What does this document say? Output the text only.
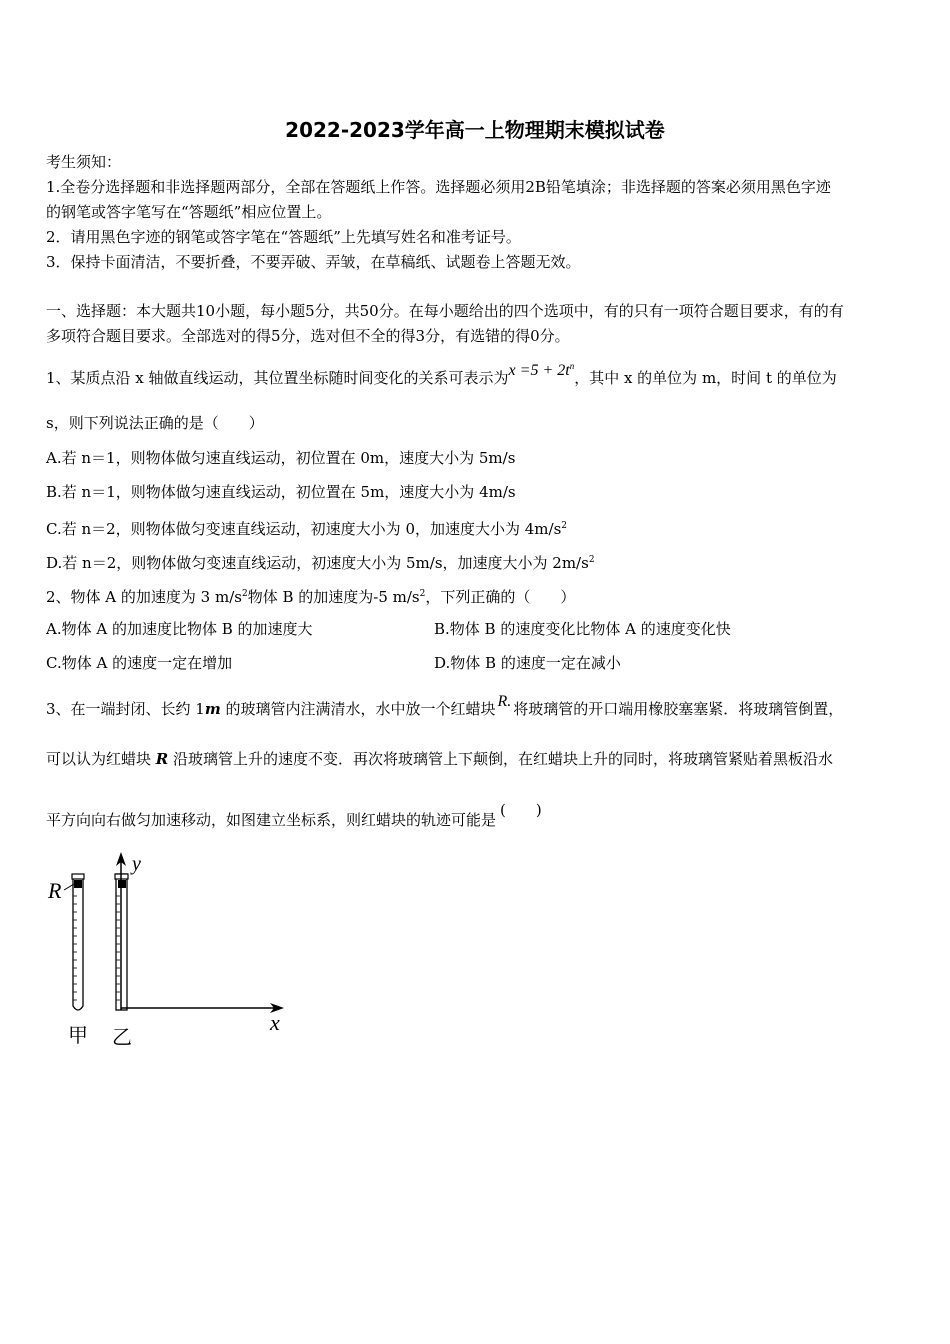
2022-2023学年高一上物理期末模拟试卷
考生须知：
1.全卷分选择题和非选择题两部分，全部在答题纸上作答。选择题必须用2B铅笔填涂；非选择题的答案必须用黑色字迹
的钢笔或答字笔写在“答题纸”相应位置上。
2．请用黑色字迹的钢笔或答字笔在“答题纸”上先填写姓名和准考证号。
3．保持卡面清洁，不要折叠，不要弄破、弄皱，在草稿纸、试题卷上答题无效。
一、选择题：本大题共10小题，每小题5分，共50分。在每小题给出的四个选项中，有的只有一项符合题目要求，有的有
多项符合题目要求。全部选对的得5分，选对但不全的得3分，有选错的得0分。
1、某质点沿 x 轴做直线运动，其位置坐标随时间变化的关系可表示为$x =5 + 2t^n$，其中 x 的单位为 m，时间 t 的单位为
s，则下列说法正确的是（　　）
A.若 n＝1，则物体做匀速直线运动，初位置在 0m，速度大小为 5m/s
B.若 n＝1，则物体做匀速直线运动，初位置在 5m，速度大小为 4m/s
C.若 n＝2，则物体做匀变速直线运动，初速度大小为 0，加速度大小为 $4m/s^2$
D.若 n＝2，则物体做匀变速直线运动，初速度大小为 5m/s，加速度大小为 $2m/s^2$
2、物体 A 的加速度为 3 $m/s^2$物体 B 的加速度为-5 $m/s^2$，下列正确的（　　）
A.物体 A 的加速度比物体 B 的加速度大	B.物体 B 的速度变化比物体 A 的速度变化快
C.物体 A 的速度一定在增加	D.物体 B 的速度一定在减小
3、在一端封闭、长约 1m 的玻璃管内注满清水，水中放一个红蜡块 R. 将玻璃管的开口端用橡胶塞塞紧．将玻璃管倒置，
可以认为红蜡块 R 沿玻璃管上升的速度不变．再次将玻璃管上下颠倒，在红蜡块上升的同时，将玻璃管紧贴着黑板沿水
平方向向右做匀加速移动，如图建立坐标系，则红蜡块的轨迹可能是(　　)
R
y
x
甲 乙
